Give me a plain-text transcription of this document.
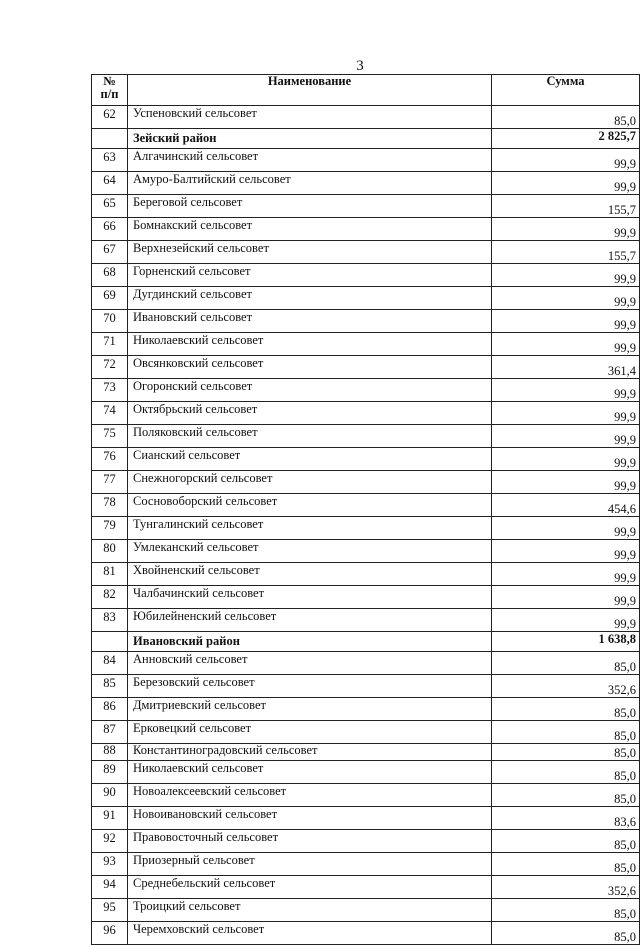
3
№
п/п	Наименование	Сумма
62	Успеновский сельсовет	85,0
	Зейский район	2 825,7
63	Алгачинский сельсовет	99,9
64	Амуро-Балтийский сельсовет	99,9
65	Береговой сельсовет	155,7
66	Бомнакский сельсовет	99,9
67	Верхнезейский сельсовет	155,7
68	Горненский сельсовет	99,9
69	Дугдинский сельсовет	99,9
70	Ивановский сельсовет	99,9
71	Николаевский сельсовет	99,9
72	Овсянковский сельсовет	361,4
73	Огоронский сельсовет	99,9
74	Октябрьский сельсовет	99,9
75	Поляковский сельсовет	99,9
76	Сианский сельсовет	99,9
77	Снежногорский сельсовет	99,9
78	Сосновоборский сельсовет	454,6
79	Тунгалинский сельсовет	99,9
80	Умлеканский сельсовет	99,9
81	Хвойненский сельсовет	99,9
82	Чалбачинский сельсовет	99,9
83	Юбилейненский сельсовет	99,9
	Ивановский район	1 638,8
84	Анновский сельсовет	85,0
85	Березовский сельсовет	352,6
86	Дмитриевский сельсовет	85,0
87	Ерковецкий сельсовет	85,0
88	Константиноградовский сельсовет	85,0
89	Николаевский сельсовет	85,0
90	Новоалексеевский сельсовет	85,0
91	Новоивановский сельсовет	83,6
92	Правовосточный сельсовет	85,0
93	Приозерный сельсовет	85,0
94	Среднебельский сельсовет	352,6
95	Троицкий сельсовет	85,0
96	Черемховский сельсовет	85,0
